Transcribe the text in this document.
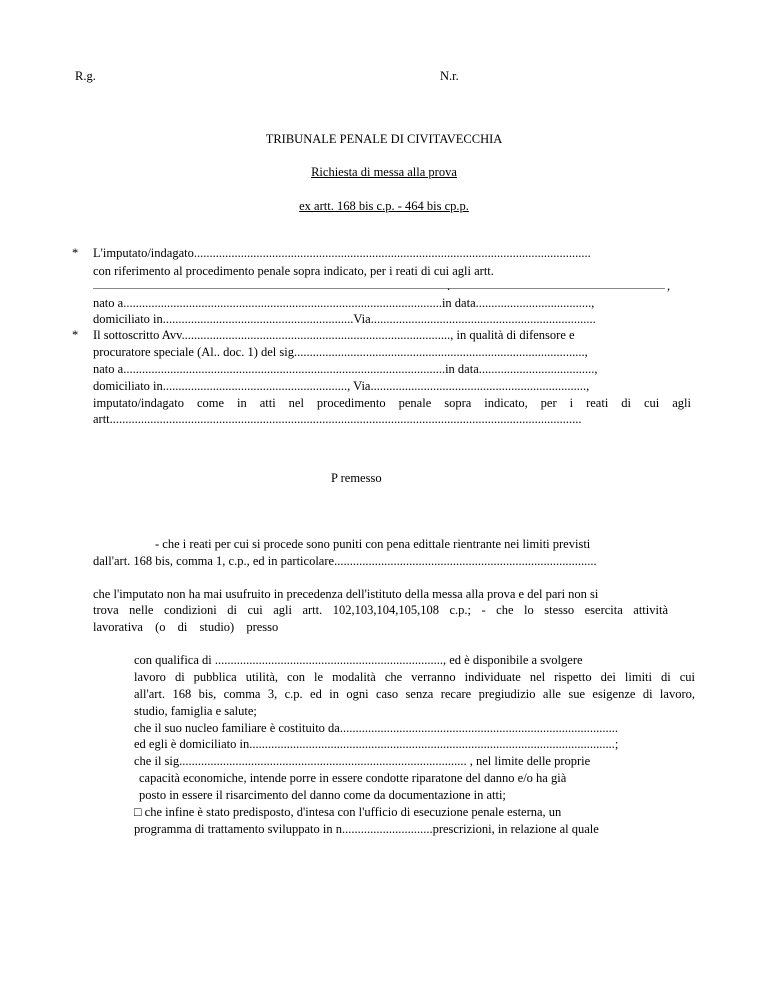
R.g.	N.r.
TRIBUNALE PENALE DI CIVITAVECCHIA
Richiesta di messa alla prova
ex artt. 168 bis c.p. - 464 bis cp.p.
* L'imputato/indagato...............................................................................................................................
con riferimento al procedimento penale sopra indicato, per i reati di cui agli artt.
.	,
nato a......................................................................................................in data.....................................,
domiciliato in.............................................................Via........................................................................
* Il sottoscritto Avv......................................................................................, in qualità di difensore e
procuratore speciale (Al.. doc. 1) del sig.............................................................................................,
nato a.......................................................................................................in data.....................................,
domiciliato in..........................................................., Via.....................................................................,
imputato/indagato come in atti nel procedimento penale sopra indicato, per i reati di cui agli
artt.......................................................................................................................................................
P remesso
- che i reati per cui si procede sono puniti con pena edittale rientrante nei limiti previsti
dall'art. 168 bis, comma 1, c.p., ed in particolare....................................................................................
che l'imputato non ha mai usufruito in precedenza dell'istituto della messa alla prova e del pari non si
trova nelle condizioni di cui agli artt. 102,103,104,105,108 c.p.; - che lo stesso esercita attività
lavorativa (o di studio) presso
con qualifica di ........................................................................., ed è disponibile a svolgere
lavoro di pubblica utilità, con le modalità che verranno individuate nel rispetto dei limiti di cui
all'art. 168 bis, comma 3, c.p. ed in ogni caso senza recare pregiudizio alle sue esigenze di lavoro,
studio, famiglia e salute;
che il suo nucleo familiare è costituito da.........................................................................................
ed egli è domiciliato in.....................................................................................................................;
che il sig............................................................................................ , nel limite delle proprie
capacità economiche, intende porre in essere condotte riparatone del danno e/o ha già
posto in essere il risarcimento del danno come da documentazione in atti;
□ che infine è stato predisposto, d'intesa con l'ufficio di esecuzione penale esterna, un
programma di trattamento sviluppato in n.............................prescrizioni, in relazione al quale
